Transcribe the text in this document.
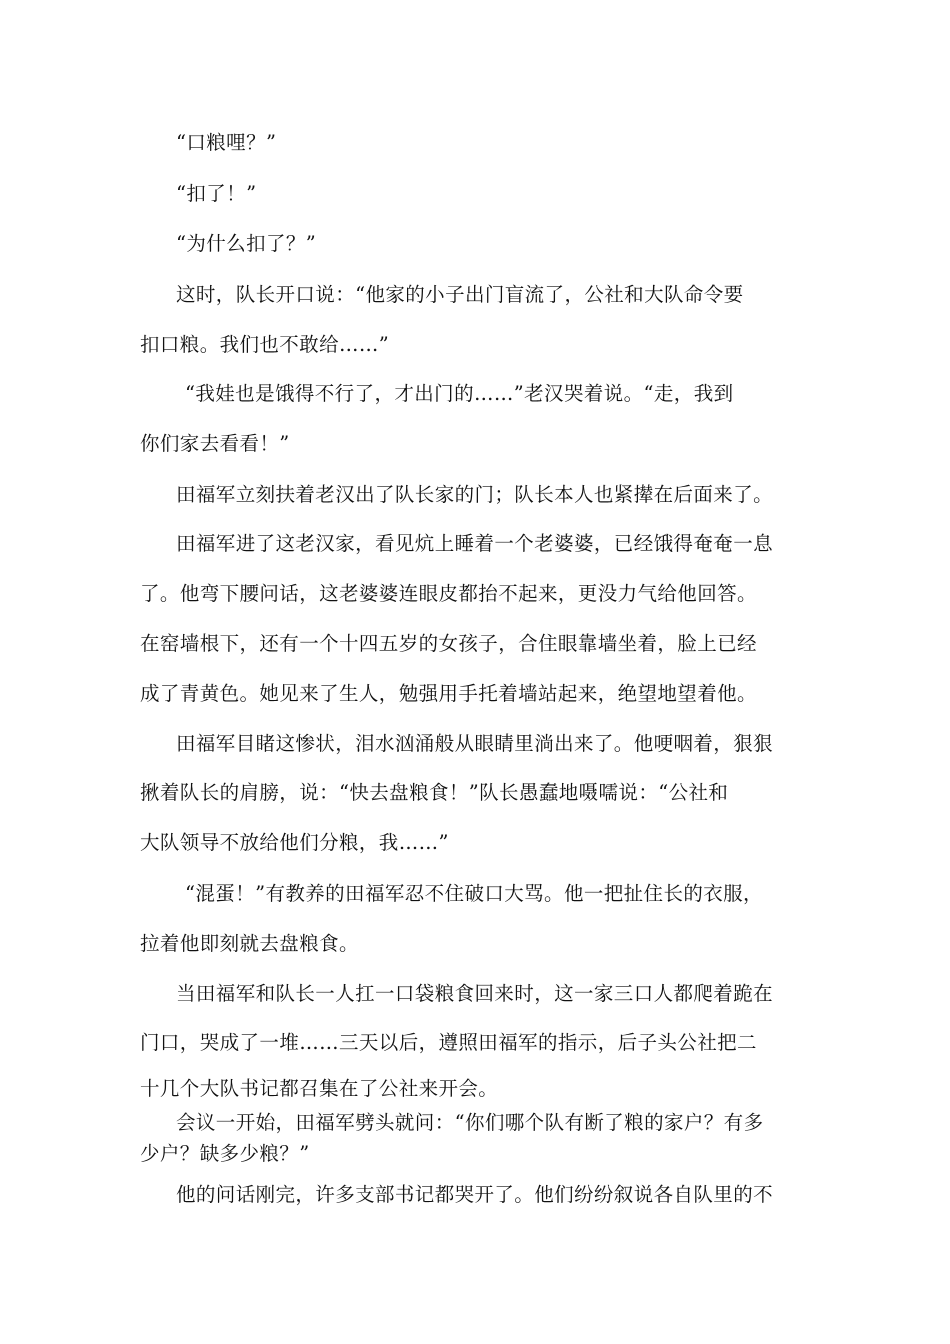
“口粮哩？”
“扣了！”
“为什么扣了？”
这时，队长开口说：“他家的小子出门盲流了，公社和大队命令要
扣口粮。我们也不敢给……”
“我娃也是饿得不行了，才出门的……”老汉哭着说。“走，我到
你们家去看看！”
田福军立刻扶着老汉出了队长家的门；队长本人也紧撵在后面来了。
田福军进了这老汉家，看见炕上睡着一个老婆婆，已经饿得奄奄一息
了。他弯下腰问话，这老婆婆连眼皮都抬不起来，更没力气给他回答。
在窑墙根下，还有一个十四五岁的女孩子，合住眼靠墙坐着，脸上已经
成了青黄色。她见来了生人，勉强用手托着墙站起来，绝望地望着他。
田福军目睹这惨状，泪水汹涌般从眼睛里淌出来了。他哽咽着，狠狠
揪着队长的肩膀，说：“快去盘粮食！”队长愚蠢地嗫嚅说：“公社和
大队领导不放给他们分粮，我……”
“混蛋！”有教养的田福军忍不住破口大骂。他一把扯住长的衣服，
拉着他即刻就去盘粮食。
当田福军和队长一人扛一口袋粮食回来时，这一家三口人都爬着跪在
门口，哭成了一堆……三天以后，遵照田福军的指示，后子头公社把二
十几个大队书记都召集在了公社来开会。
会议一开始，田福军劈头就问：“你们哪个队有断了粮的家户？有多
少户？缺多少粮？”
他的问话刚完，许多支部书记都哭开了。他们纷纷叙说各自队里的不
